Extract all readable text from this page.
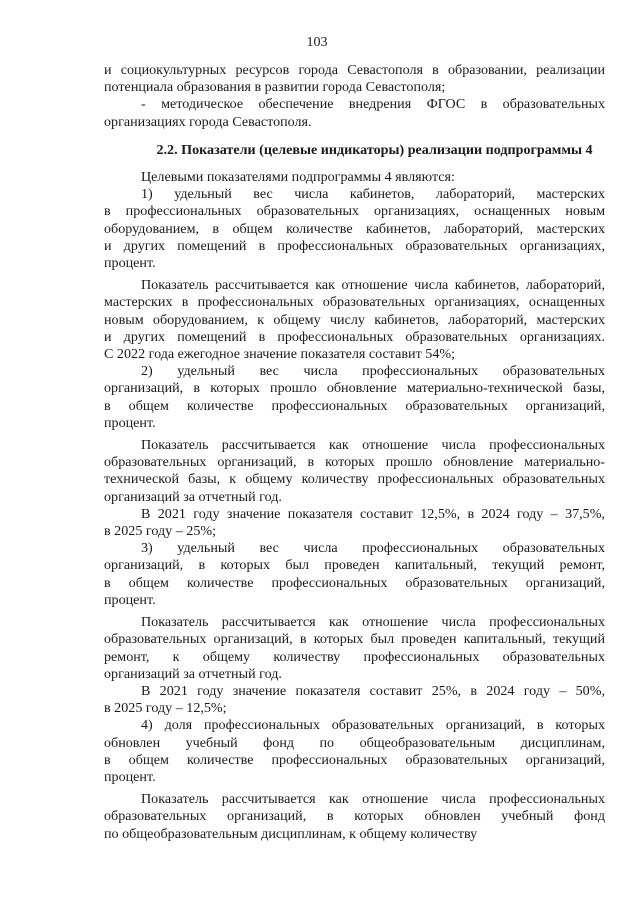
103

и социокультурных ресурсов города Севастополя в образовании, реализации

потенциала образования в развитии города Севастополя;

- методическое обеспечение внедрения ФГОС в образовательных

организациях города Севастополя.

2.2. Показатели (целевые индикаторы) реализации подпрограммы 4

Целевыми показателями подпрограммы 4 являются:

1) удельный вес числа кабинетов, лабораторий, мастерских

в профессиональных образовательных организациях, оснащенных новым

оборудованием, в общем количестве кабинетов, лабораторий, мастерских

и других помещений в профессиональных образовательных организациях,

процент.

Показатель рассчитывается как отношение числа кабинетов, лабораторий,

мастерских в профессиональных образовательных организациях, оснащенных

новым оборудованием, к общему числу кабинетов, лабораторий, мастерских

и других помещений в профессиональных образовательных организациях.

С 2022 года ежегодное значение показателя составит 54%;

2) удельный вес числа профессиональных образовательных

организаций, в которых прошло обновление материально-технической базы,

в общем количестве профессиональных образовательных организаций,

процент.

Показатель рассчитывается как отношение числа профессиональных

образовательных организаций, в которых прошло обновление материально-

технической базы, к общему количеству профессиональных образовательных

организаций за отчетный год.

В 2021 году значение показателя составит 12,5%, в 2024 году – 37,5%,

в 2025 году – 25%;

3) удельный вес числа профессиональных образовательных

организаций, в которых был проведен капитальный, текущий ремонт,

в общем количестве профессиональных образовательных организаций,

процент.

Показатель рассчитывается как отношение числа профессиональных

образовательных организаций, в которых был проведен капитальный, текущий

ремонт, к общему количеству профессиональных образовательных

организаций за отчетный год.

В 2021 году значение показателя составит 25%, в 2024 году – 50%,

в 2025 году – 12,5%;

4) доля профессиональных образовательных организаций, в которых

обновлен учебный фонд по общеобразовательным дисциплинам,

в общем количестве профессиональных образовательных организаций,

процент.

Показатель рассчитывается как отношение числа профессиональных

образовательных организаций, в которых обновлен учебный фонд

по общеобразовательным дисциплинам, к общему количеству
